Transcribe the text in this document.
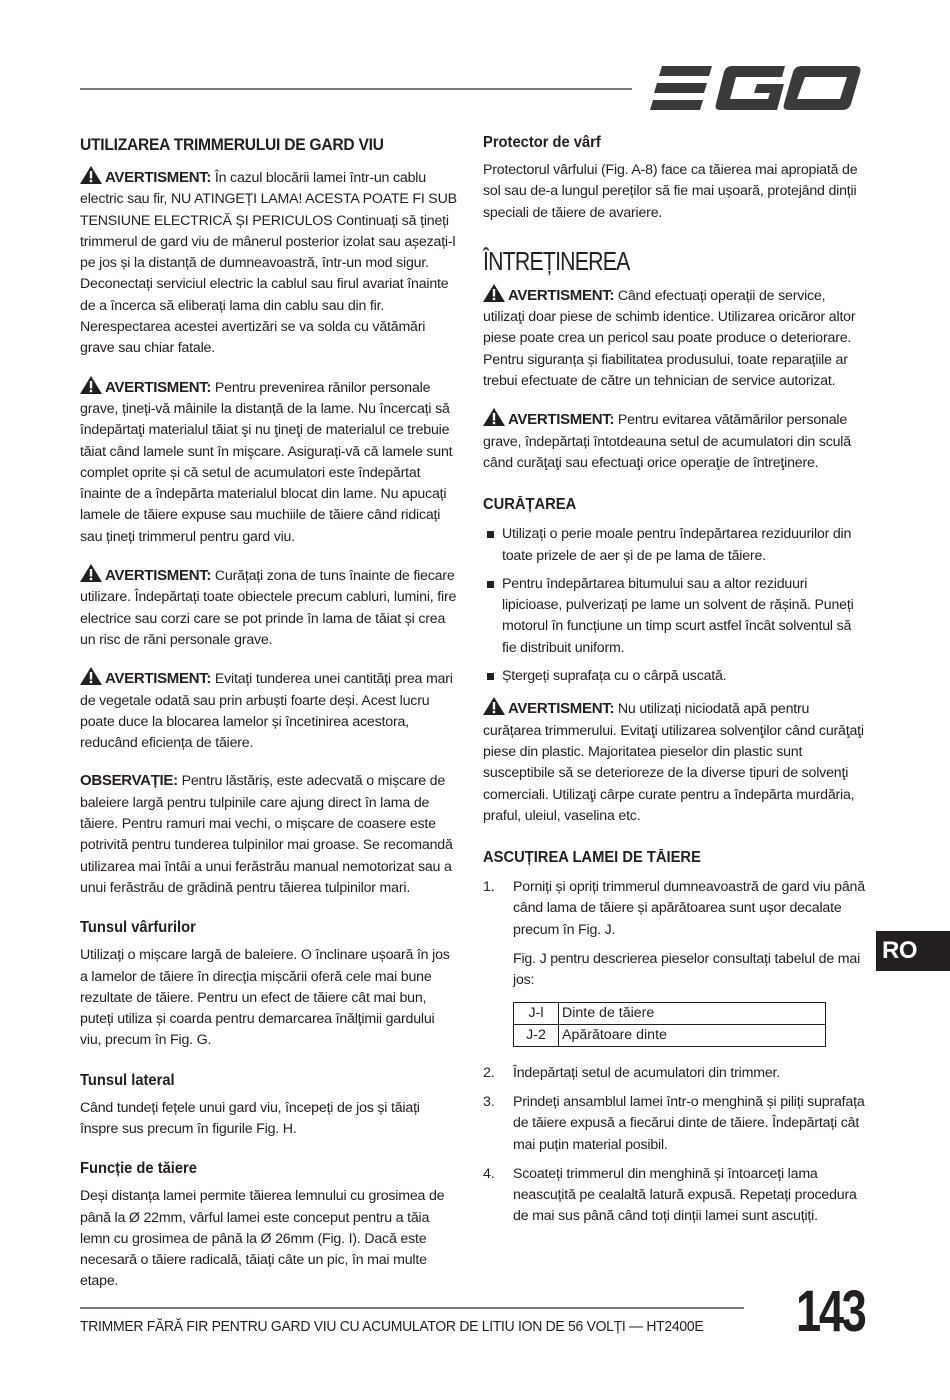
UTILIZAREA TRIMMERULUI DE GARD VIU

AVERTISMENT: În cazul blocării lamei într-un cablu electric sau fir, NU ATINGEȚI LAMA! ACESTA POATE FI SUB TENSIUNE ELECTRICĂ ȘI PERICULOS Continuați să țineți trimmerul de gard viu de mânerul posterior izolat sau așezați-l pe jos și la distanță de dumneavoastră, într-un mod sigur. Deconectați serviciul electric la cablul sau firul avariat înainte de a încerca să eliberați lama din cablu sau din fir. Nerespectarea acestei avertizări se va solda cu vătămări grave sau chiar fatale.

AVERTISMENT: Pentru prevenirea rănilor personale grave, țineți-vă mâinile la distanță de la lame. Nu încercați să îndepărtaţi materialul tăiat şi nu ţineţi de materialul ce trebuie tăiat când lamele sunt în mişcare. Asigurați-vă că lamele sunt complet oprite și că setul de acumulatori este îndepărtat înainte de a îndepărta materialul blocat din lame. Nu apucați lamele de tăiere expuse sau muchiile de tăiere când ridicați sau țineți trimmerul pentru gard viu.

AVERTISMENT: Curățați zona de tuns înainte de fiecare utilizare. Îndepărtați toate obiectele precum cabluri, lumini, fire electrice sau corzi care se pot prinde în lama de tăiat și crea un risc de răni personale grave.

AVERTISMENT: Evitați tunderea unei cantități prea mari de vegetale odată sau prin arbuști foarte deși. Acest lucru poate duce la blocarea lamelor și încetinirea acestora, reducând eficiența de tăiere.

OBSERVAȚIE: Pentru lăstăriș, este adecvată o mișcare de baleiere largă pentru tulpinile care ajung direct în lama de tăiere. Pentru ramuri mai vechi, o mișcare de coasere este potrivită pentru tunderea tulpinilor mai groase. Se recomandă utilizarea mai întâi a unui ferăstrău manual nemotorizat sau a unui ferăstrău de grădină pentru tăierea tulpinilor mari.

Tunsul vârfurilor

Utilizați o mișcare largă de baleiere. O înclinare ușoară în jos a lamelor de tăiere în direcția mișcării oferă cele mai bune rezultate de tăiere. Pentru un efect de tăiere cât mai bun, puteți utiliza și coarda pentru demarcarea înălțimii gardului viu, precum în Fig. G.

Tunsul lateral

Când tundeți fețele unui gard viu, începeți de jos și tăiați înspre sus precum în figurile Fig. H.

Funcție de tăiere

Deși distanța lamei permite tăierea lemnului cu grosimea de până la Ø 22mm, vârful lamei este conceput pentru a tăia lemn cu grosimea de până la Ø 26mm (Fig. I). Dacă este necesară o tăiere radicală, tăiați câte un pic, în mai multe etape.

Protector de vârf

Protectorul vârfului (Fig. A-8) face ca tăierea mai apropiată de sol sau de-a lungul pereților să fie mai ușoară, protejând dinții speciali de tăiere de avariere.

ÎNTREȚINEREA

AVERTISMENT: Când efectuați operații de service, utilizaţi doar piese de schimb identice. Utilizarea oricăror altor piese poate crea un pericol sau poate produce o deteriorare. Pentru siguranța și fiabilitatea produsului, toate reparațiile ar trebui efectuate de către un tehnician de service autorizat.

AVERTISMENT: Pentru evitarea vătămărilor personale grave, îndepărtați întotdeauna setul de acumulatori din sculă când curăţaţi sau efectuaţi orice operaţie de întreţinere.

CURĂȚAREA
Utilizați o perie moale pentru îndepărtarea reziduurilor din toate prizele de aer și de pe lama de tăiere.
Pentru îndepărtarea bitumului sau a altor reziduuri lipicioase, pulverizați pe lame un solvent de rășină. Puneți motorul în funcțiune un timp scurt astfel încât solventul să fie distribuit uniform.
Ștergeți suprafața cu o cârpă uscată.

AVERTISMENT: Nu utilizați niciodată apă pentru curățarea trimmerului. Evitaţi utilizarea solvenţilor când curăţaţi piese din plastic. Majoritatea pieselor din plastic sunt susceptibile să se deterioreze de la diverse tipuri de solvenţi comerciali. Utilizaţi cârpe curate pentru a îndepărta murdăria, praful, uleiul, vaselina etc.

ASCUȚIREA LAMEI DE TĂIERE
1. Porniți și opriți trimmerul dumneavoastră de gard viu până când lama de tăiere și apărătoarea sunt ușor decalate precum în Fig. J.

Fig. J pentru descrierea pieselor consultați tabelul de mai jos:

J-l	Dinte de tăiere
J-2	Apărătoare dinte
2. Îndepărtați setul de acumulatori din trimmer.
3. Prindeți ansamblul lamei într-o menghină și piliți suprafața de tăiere expusă a fiecărui dinte de tăiere. Îndepărtați cât mai puțin material posibil.
4. Scoateți trimmerul din menghină și întoarceți lama neascuțită pe cealaltă latură expusă. Repetați procedura de mai sus până când toți dinții lamei sunt ascuțiți.
RO
TRIMMER FĂRĂ FIR PENTRU GARD VIU CU ACUMULATOR DE LITIU ION DE 56 VOLȚI — HT2400E 143
